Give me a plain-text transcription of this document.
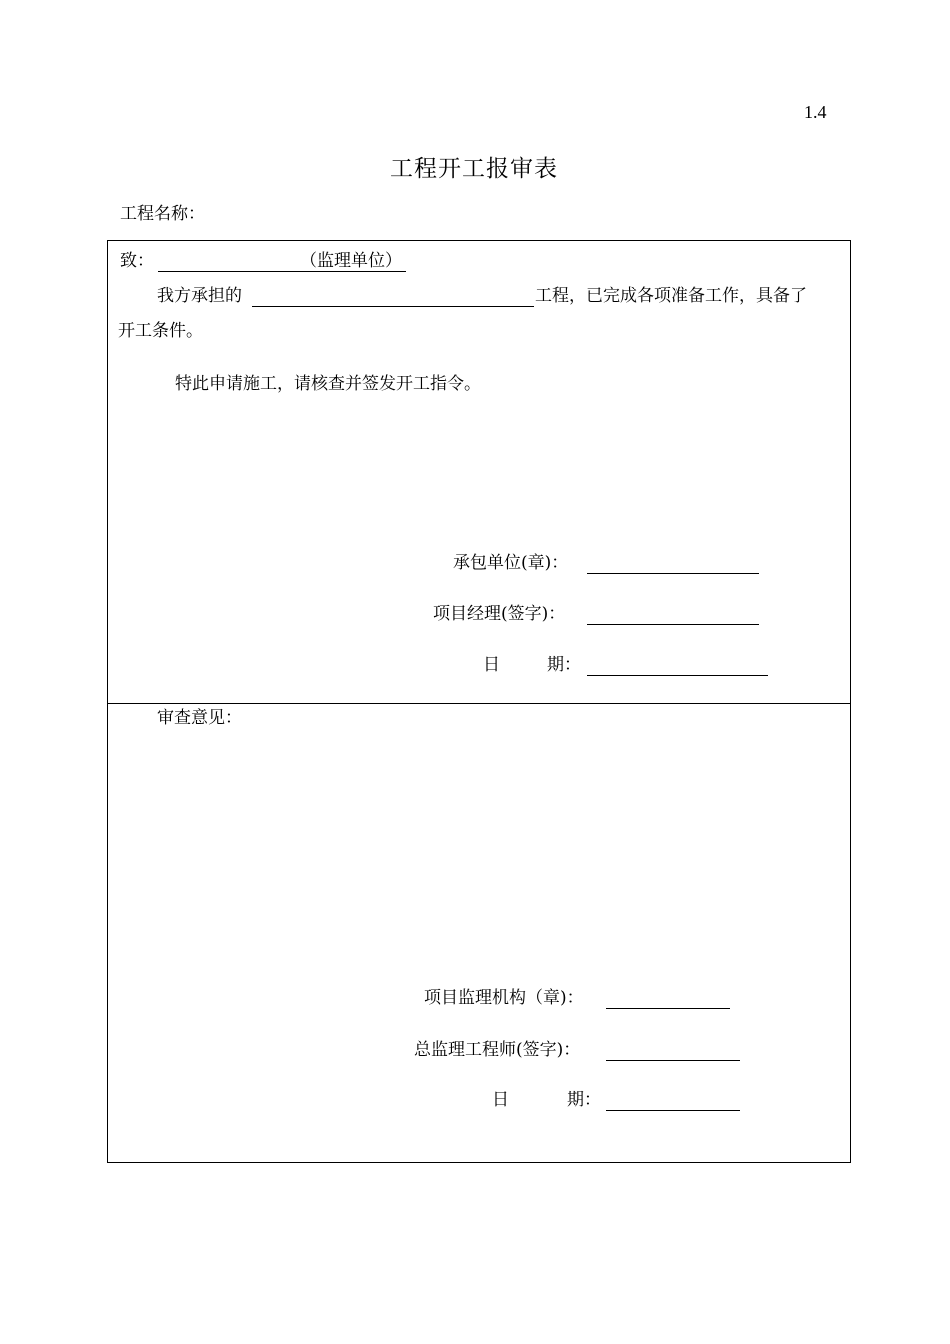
1.4
工程开工报审表
工程名称：
致：	（监理单位）
我方承担的	工程，已完成各项准备工作，具备了
开工条件。
特此申请施工，请核查并签发开工指令。
承包单位(章)：
项目经理(签字)：
日	期：
审查意见：
项目监理机构（章)：
总监理工程师(签字)：
日	期：
